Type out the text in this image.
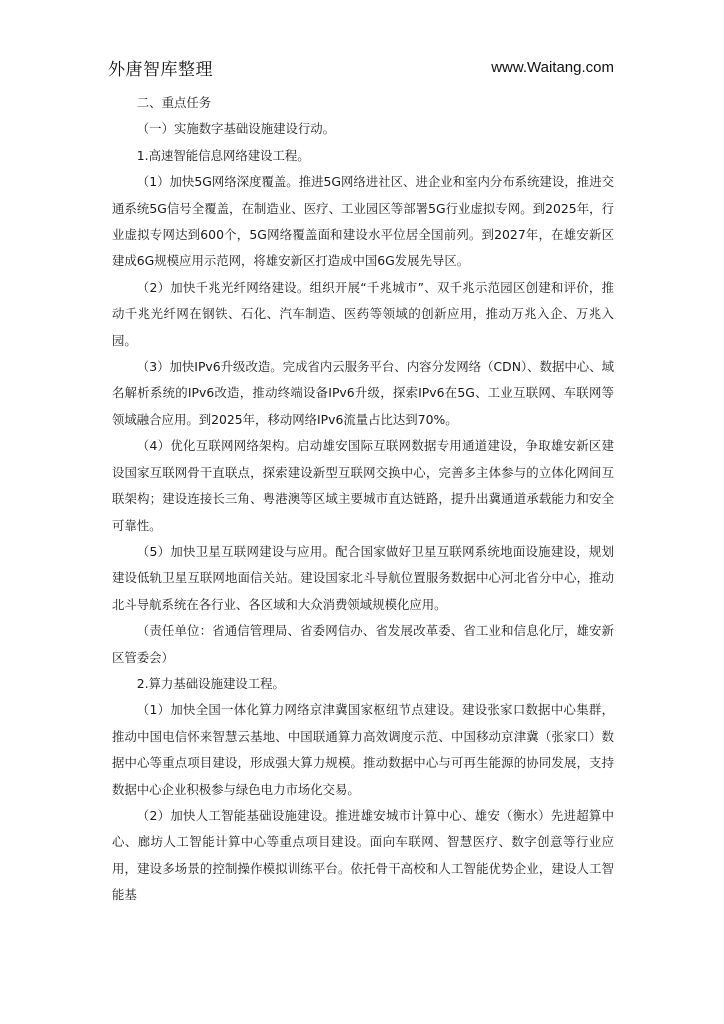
外唐智库整理	www.Waitang.com

二、重点任务

（一）实施数字基础设施建设行动。

1.高速智能信息网络建设工程。

（1）加快5G网络深度覆盖。推进5G网络进社区、进企业和室内分布系统建设，推进交通系统5G信号全覆盖，在制造业、医疗、工业园区等部署5G行业虚拟专网。到2025年，行业虚拟专网达到600个，5G网络覆盖面和建设水平位居全国前列。到2027年，在雄安新区建成6G规模应用示范网，将雄安新区打造成中国6G发展先导区。

（2）加快千兆光纤网络建设。组织开展“千兆城市”、双千兆示范园区创建和评价，推动千兆光纤网在钢铁、石化、汽车制造、医药等领域的创新应用，推动万兆入企、万兆入园。

（3）加快IPv6升级改造。完成省内云服务平台、内容分发网络（CDN）、数据中心、域名解析系统的IPv6改造，推动终端设备IPv6升级，探索IPv6在5G、工业互联网、车联网等领域融合应用。到2025年，移动网络IPv6流量占比达到70%。

（4）优化互联网网络架构。启动雄安国际互联网数据专用通道建设，争取雄安新区建设国家互联网骨干直联点，探索建设新型互联网交换中心，完善多主体参与的立体化网间互联架构；建设连接长三角、粤港澳等区域主要城市直达链路，提升出冀通道承载能力和安全可靠性。

（5）加快卫星互联网建设与应用。配合国家做好卫星互联网系统地面设施建设，规划建设低轨卫星互联网地面信关站。建设国家北斗导航位置服务数据中心河北省分中心，推动北斗导航系统在各行业、各区域和大众消费领域规模化应用。

（责任单位：省通信管理局、省委网信办、省发展改革委、省工业和信息化厅，雄安新区管委会）

2.算力基础设施建设工程。

（1）加快全国一体化算力网络京津冀国家枢纽节点建设。建设张家口数据中心集群，推动中国电信怀来智慧云基地、中国联通算力高效调度示范、中国移动京津冀（张家口）数据中心等重点项目建设，形成强大算力规模。推动数据中心与可再生能源的协同发展，支持数据中心企业积极参与绿色电力市场化交易。

（2）加快人工智能基础设施建设。推进雄安城市计算中心、雄安（衡水）先进超算中心、廊坊人工智能计算中心等重点项目建设。面向车联网、智慧医疗、数字创意等行业应用，建设多场景的控制操作模拟训练平台。依托骨干高校和人工智能优势企业，建设人工智能基
